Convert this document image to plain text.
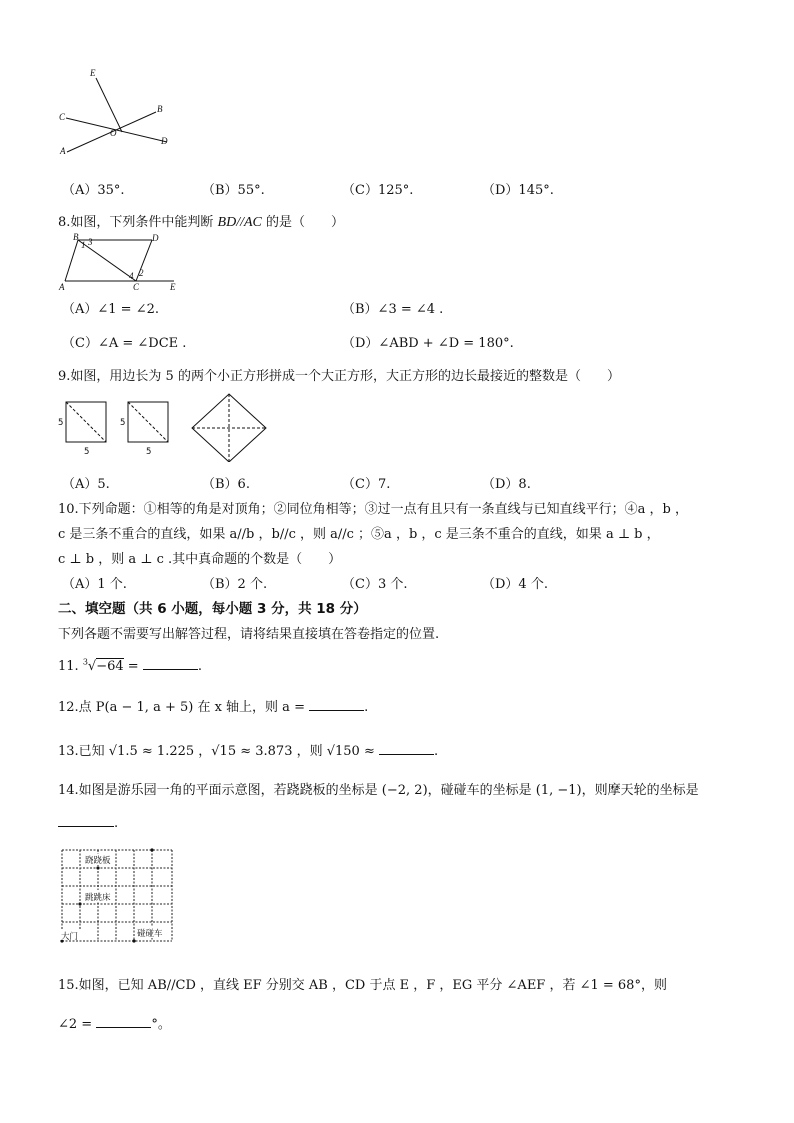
E
B
C
O
D
A
（A）35°.	（B）55°.	（C）125°.	（D）145°.
8.如图，下列条件中能判断 BD//AC 的是（　　）
B	D
A	C	E
1 3
2
4
（A）∠1 = ∠2.	（B）∠3 = ∠4 .
（C）∠A = ∠DCE .	（D）∠ABD + ∠D = 180°.
9.如图，用边长为 5 的两个小正方形拼成一个大正方形，大正方形的边长最接近的整数是（　　）
5
5
5
5
（A）5.	（B）6.	（C）7.	（D）8.
10.下列命题：①相等的角是对顶角；②同位角相等；③过一点有且只有一条直线与已知直线平行；④a ，b ，
c 是三条不重合的直线，如果 a//b ，b//c ，则 a//c ；⑤a ，b ，c 是三条不重合的直线，如果 a ⊥ b ，
c ⊥ b ，则 a ⊥ c .其中真命题的个数是（　　）
（A）1 个.	（B）2 个.	（C）3 个.	（D）4 个.
二、填空题（共 6 小题，每小题 3 分，共 18 分）
下列各题不需要写出解答过程，请将结果直接填在答卷指定的位置.
11. $^3$√−64 =	.
12.点 P(a − 1, a + 5) 在 x 轴上，则 a =	.
13.已知 √1.5 ≈ 1.225 ，√15 ≈ 3.873 ，则 √150 ≈	.
14.如图是游乐园一角的平面示意图，若跷跷板的坐标是 (−2, 2)，碰碰车的坐标是 (1, −1)，则摩天轮的坐标是
.
跷跷板
跳跳床
大门	碰碰车
15.如图，已知 AB//CD ，直线 EF 分别交 AB ，CD 于点 E ，F ，EG 平分 ∠AEF ，若 ∠1 = 68°，则
∠2 =	°。
